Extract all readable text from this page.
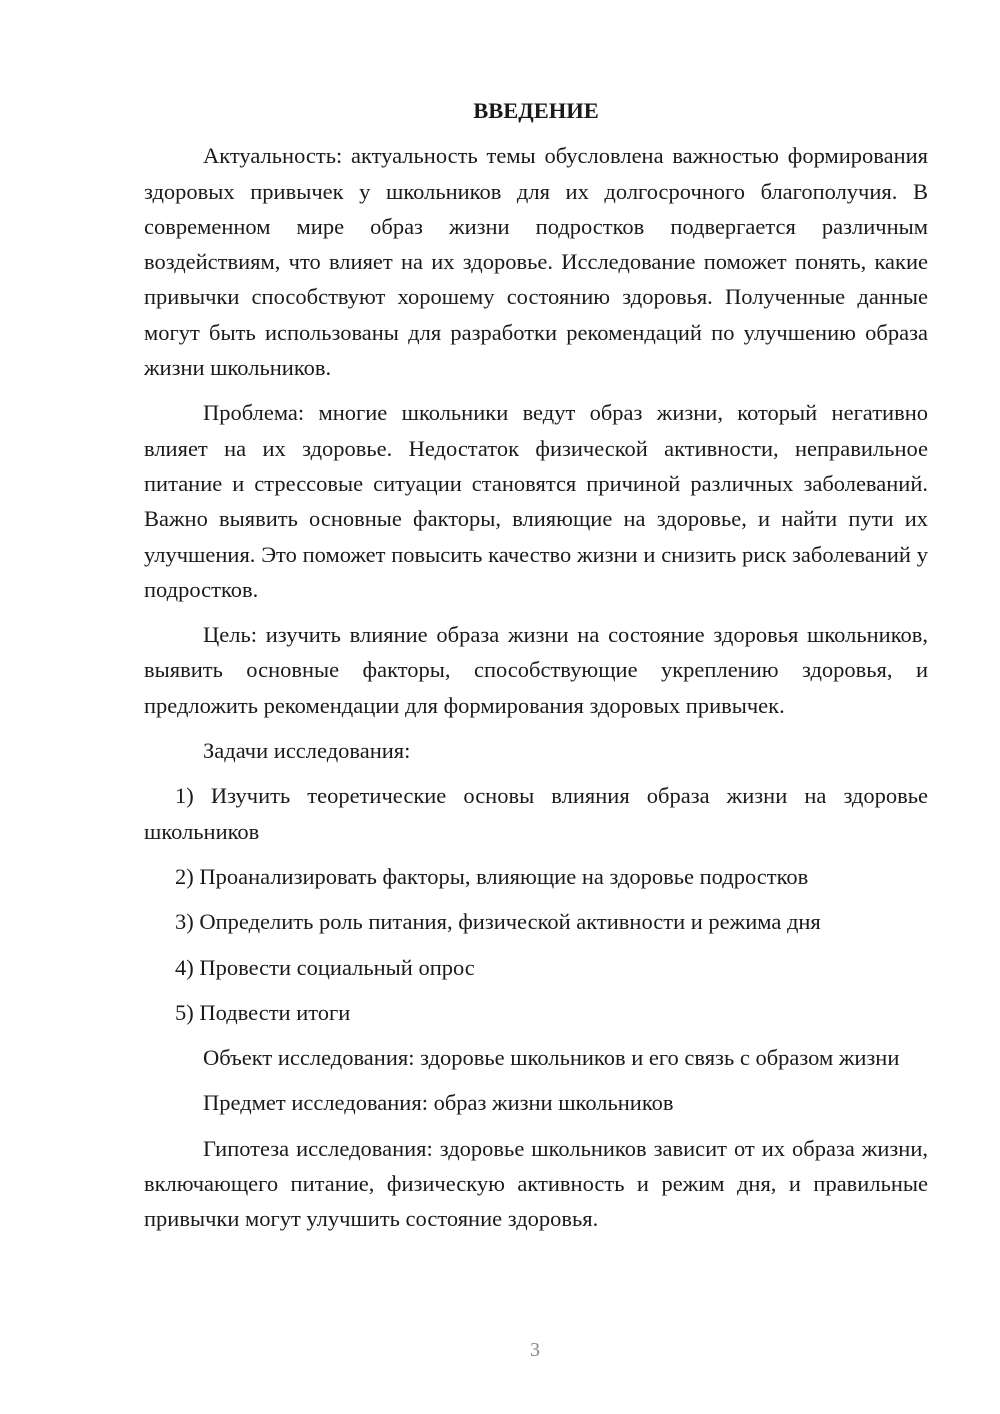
ВВЕДЕНИЕ

Актуальность: актуальность темы обусловлена важностью формирования здоровых привычек у школьников для их долгосрочного благополучия. В современном мире образ жизни подростков подвергается различным воздействиям, что влияет на их здоровье. Исследование поможет понять, какие привычки способствуют хорошему состоянию здоровья. Полученные данные могут быть использованы для разработки рекомендаций по улучшению образа жизни школьников.

Проблема: многие школьники ведут образ жизни, который негативно влияет на их здоровье. Недостаток физической активности, неправильное питание и стрессовые ситуации становятся причиной различных заболеваний. Важно выявить основные факторы, влияющие на здоровье, и найти пути их улучшения. Это поможет повысить качество жизни и снизить риск заболеваний у подростков.

Цель: изучить влияние образа жизни на состояние здоровья школьников, выявить основные факторы, способствующие укреплению здоровья, и предложить рекомендации для формирования здоровых привычек.

Задачи исследования:

1) Изучить теоретические основы влияния образа жизни на здоровье школьников

2) Проанализировать факторы, влияющие на здоровье подростков

3) Определить роль питания, физической активности и режима дня

4) Провести социальный опрос

5) Подвести итоги

Объект исследования: здоровье школьников и его связь с образом жизни

Предмет исследования: образ жизни школьников

Гипотеза исследования: здоровье школьников зависит от их образа жизни, включающего питание, физическую активность и режим дня, и правильные привычки могут улучшить состояние здоровья.

3
